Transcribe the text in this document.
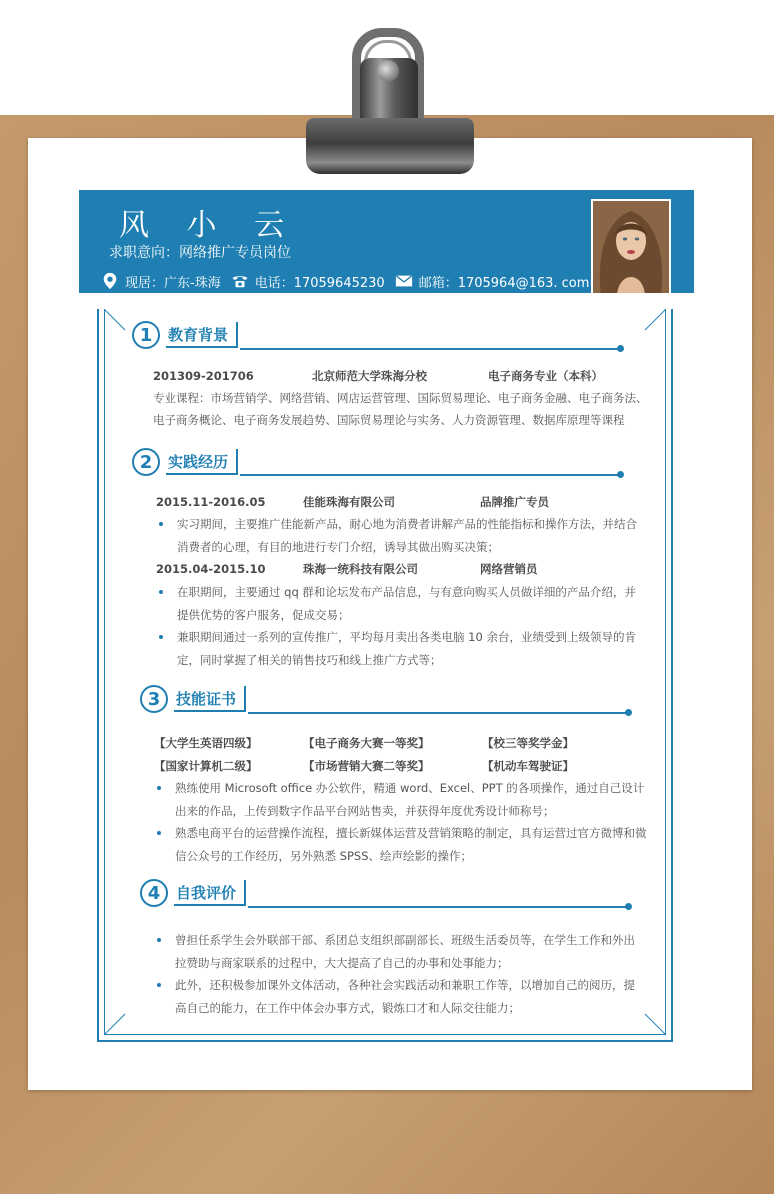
风 小 云
求职意向：网络推广专员岗位
现居：广东-珠海	电话：17059645230	邮箱：1705964@163. com
1	教育背景
201309-201706	北京师范大学珠海分校	电子商务专业（本科）
专业课程：市场营销学、网络营销、网店运营管理、国际贸易理论、电子商务金融、电子商务法、
电子商务概论、电子商务发展趋势、国际贸易理论与实务、人力资源管理、数据库原理等课程
2	实践经历
2015.11-2016.05	佳能珠海有限公司	品牌推广专员
实习期间，主要推广佳能新产品，耐心地为消费者讲解产品的性能指标和操作方法，并结合
消费者的心理，有目的地进行专门介绍，诱导其做出购买决策；
2015.04-2015.10	珠海一统科技有限公司	网络营销员
在职期间，主要通过 qq 群和论坛发布产品信息，与有意向购买人员做详细的产品介绍，并
提供优势的客户服务，促成交易；
兼职期间通过一系列的宣传推广，平均每月卖出各类电脑 10 余台，业绩受到上级领导的肯
定，同时掌握了相关的销售技巧和线上推广方式等；
3	技能证书
【大学生英语四级】	【电子商务大赛一等奖】	【校三等奖学金】
【国家计算机二级】	【市场营销大赛二等奖】	【机动车驾驶证】
熟练使用 Microsoft office 办公软件，精通 word、Excel、PPT 的各项操作，通过自己设计
出来的作品，上传到数字作品平台网站售卖，并获得年度优秀设计师称号；
熟悉电商平台的运营操作流程，擅长新媒体运营及营销策略的制定，具有运营过官方微博和微
信公众号的工作经历，另外熟悉 SPSS、绘声绘影的操作；
4	自我评价
曾担任系学生会外联部干部、系团总支组织部副部长、班级生活委员等，在学生工作和外出
拉赞助与商家联系的过程中，大大提高了自己的办事和处事能力；
此外，还积极参加课外文体活动，各种社会实践活动和兼职工作等，以增加自己的阅历，提
高自己的能力，在工作中体会办事方式，锻炼口才和人际交往能力；
